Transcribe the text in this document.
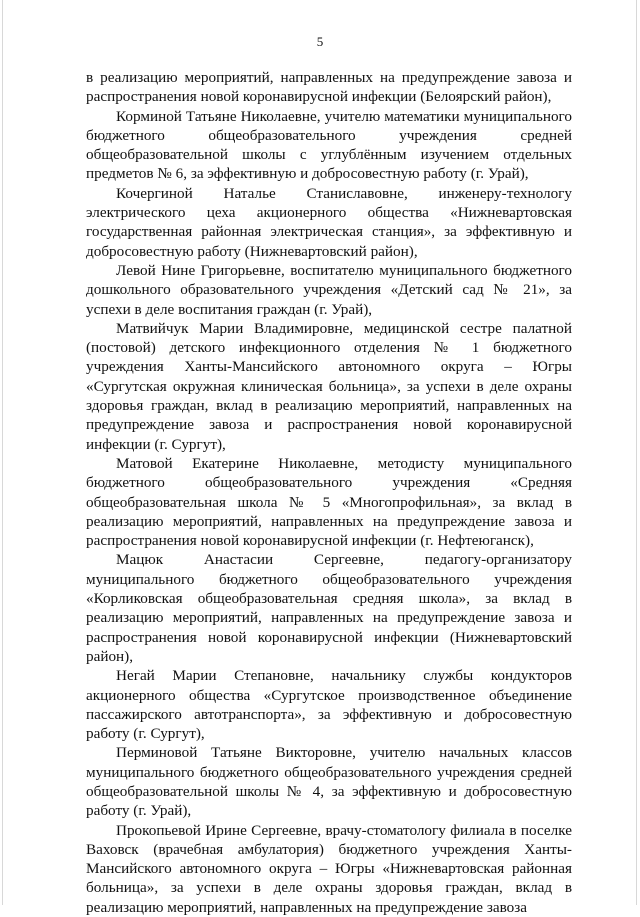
5

в реализацию мероприятий, направленных на предупреждение завоза и распространения новой коронавирусной инфекции (Белоярский район),

Корминой Татьяне Николаевне, учителю математики муниципального бюджетного общеобразовательного учреждения средней общеобразовательной школы с углублённым изучением отдельных предметов № 6, за эффективную и добросовестную работу (г. Урай),

Кочергиной Наталье Станиславовне, инженеру-технологу электрического цеха акционерного общества «Нижневартовская государственная районная электрическая станция», за эффективную и добросовестную работу (Нижневартовский район),

Левой Нине Григорьевне, воспитателю муниципального бюджетного дошкольного образовательного учреждения «Детский сад № 21», за успехи в деле воспитания граждан (г. Урай),

Матвийчук Марии Владимировне, медицинской сестре палатной (постовой) детского инфекционного отделения № 1 бюджетного учреждения Ханты-Мансийского автономного округа – Югры «Сургутская окружная клиническая больница», за успехи в деле охраны здоровья граждан, вклад в реализацию мероприятий, направленных на предупреждение завоза и распространения новой коронавирусной инфекции (г. Сургут),

Матовой Екатерине Николаевне, методисту муниципального бюджетного общеобразовательного учреждения «Средняя общеобразовательная школа № 5 «Многопрофильная», за вклад в реализацию мероприятий, направленных на предупреждение завоза и распространения новой коронавирусной инфекции (г. Нефтеюганск),

Мацюк Анастасии Сергеевне, педагогу-организатору муниципального бюджетного общеобразовательного учреждения «Корликовская общеобразовательная средняя школа», за вклад в реализацию мероприятий, направленных на предупреждение завоза и распространения новой коронавирусной инфекции (Нижневартовский район),

Негай Марии Степановне, начальнику службы кондукторов акционерного общества «Сургутское производственное объединение пассажирского автотранспорта», за эффективную и добросовестную работу (г. Сургут),

Перминовой Татьяне Викторовне, учителю начальных классов муниципального бюджетного общеобразовательного учреждения средней общеобразовательной школы № 4, за эффективную и добросовестную работу (г. Урай),

Прокопьевой Ирине Сергеевне, врачу-стоматологу филиала в поселке Ваховск (врачебная амбулатория) бюджетного учреждения Ханты-Мансийского автономного округа – Югры «Нижневартовская районная больница», за успехи в деле охраны здоровья граждан, вклад в реализацию мероприятий, направленных на предупреждение завоза
